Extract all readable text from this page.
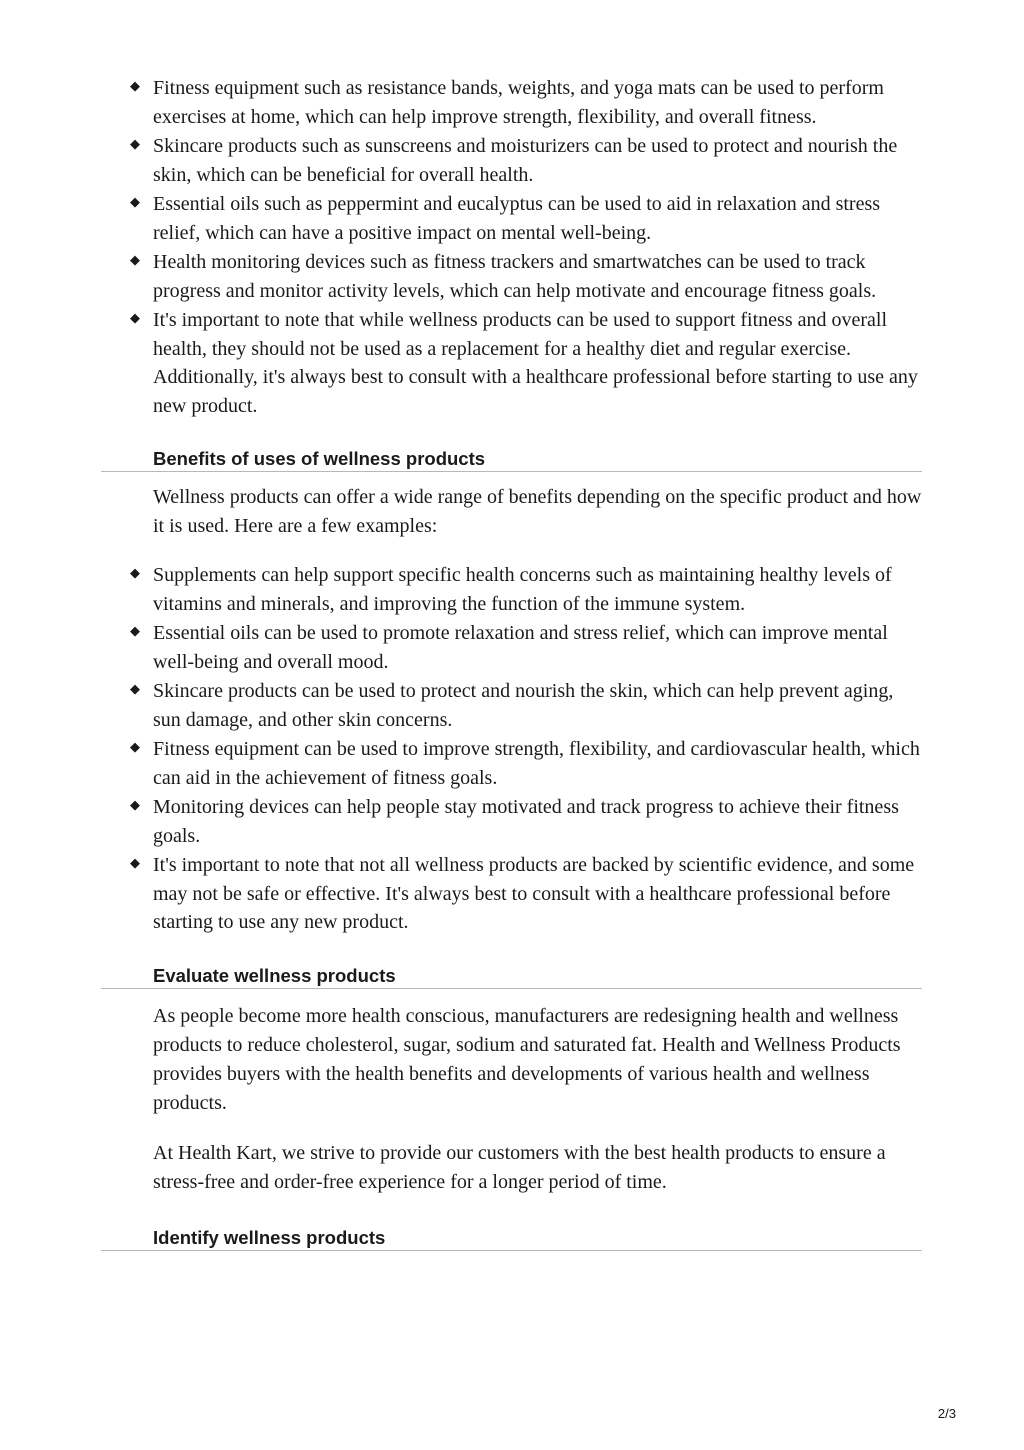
◆ Fitness equipment such as resistance bands, weights, and yoga mats can be used to perform exercises at home, which can help improve strength, flexibility, and overall fitness.
◆ Skincare products such as sunscreens and moisturizers can be used to protect and nourish the skin, which can be beneficial for overall health.
◆ Essential oils such as peppermint and eucalyptus can be used to aid in relaxation and stress relief, which can have a positive impact on mental well-being.
◆ Health monitoring devices such as fitness trackers and smartwatches can be used to track progress and monitor activity levels, which can help motivate and encourage fitness goals.
◆ It's important to note that while wellness products can be used to support fitness and overall health, they should not be used as a replacement for a healthy diet and regular exercise. Additionally, it's always best to consult with a healthcare professional before starting to use any new product.
Benefits of uses of wellness products

Wellness products can offer a wide range of benefits depending on the specific product and how it is used. Here are a few examples:

◆ Supplements can help support specific health concerns such as maintaining healthy levels of vitamins and minerals, and improving the function of the immune system.
◆ Essential oils can be used to promote relaxation and stress relief, which can improve mental well-being and overall mood.
◆ Skincare products can be used to protect and nourish the skin, which can help prevent aging, sun damage, and other skin concerns.
◆ Fitness equipment can be used to improve strength, flexibility, and cardiovascular health, which can aid in the achievement of fitness goals.
◆ Monitoring devices can help people stay motivated and track progress to achieve their fitness goals.
◆ It's important to note that not all wellness products are backed by scientific evidence, and some may not be safe or effective. It's always best to consult with a healthcare professional before starting to use any new product.
Evaluate wellness products

As people become more health conscious, manufacturers are redesigning health and wellness products to reduce cholesterol, sugar, sodium and saturated fat. Health and Wellness Products provides buyers with the health benefits and developments of various health and wellness products.

At Health Kart, we strive to provide our customers with the best health products to ensure a stress-free and order-free experience for a longer period of time.

Identify wellness products
2/3
